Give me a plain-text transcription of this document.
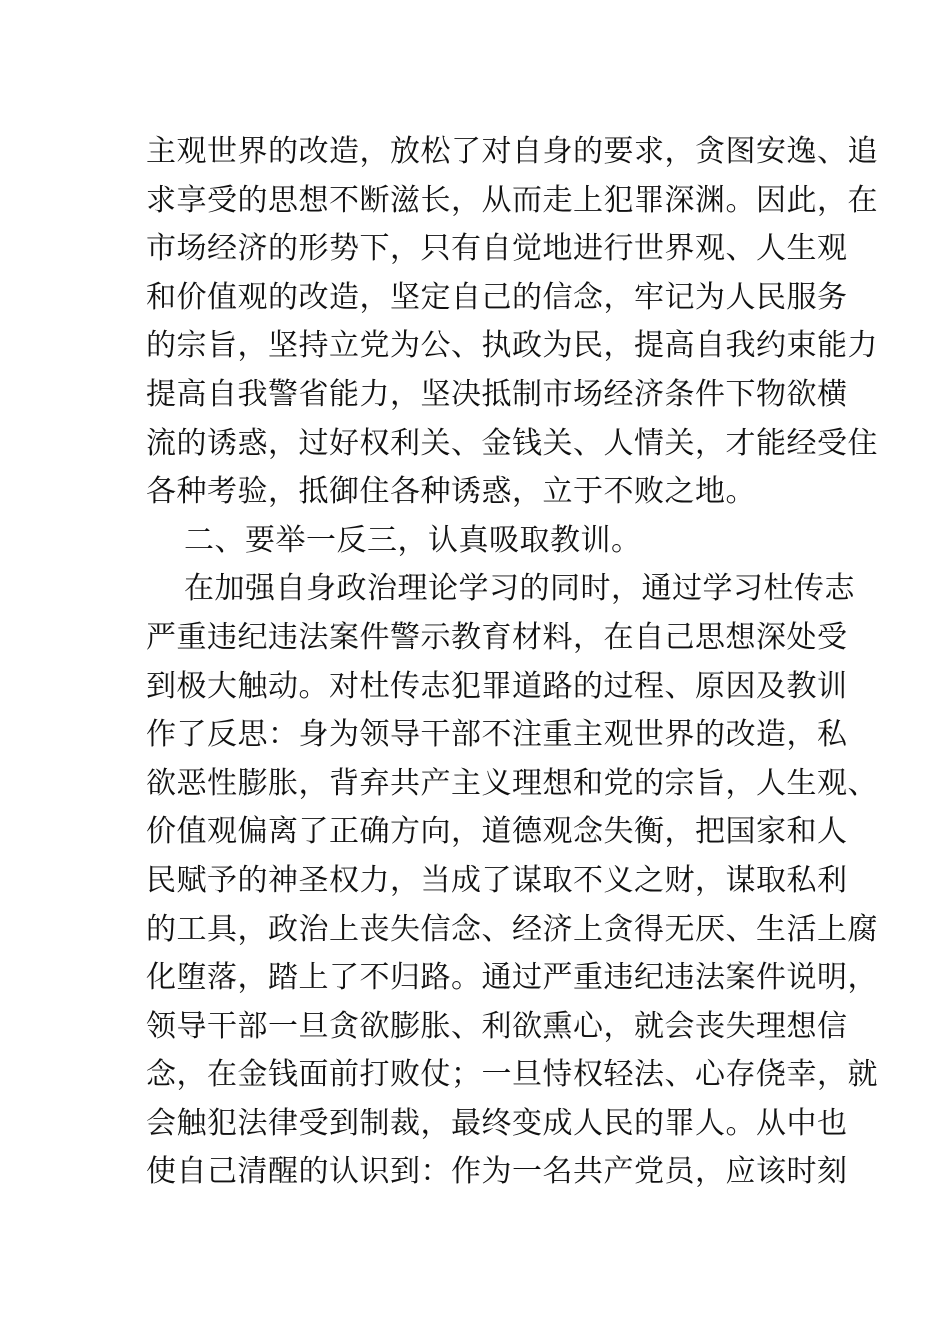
主观世界的改造，放松了对自身的要求，贪图安逸、追
求享受的思想不断滋长，从而走上犯罪深渊。因此，在
市场经济的形势下，只有自觉地进行世界观、人生观
和价值观的改造，坚定自己的信念，牢记为人民服务
的宗旨，坚持立党为公、执政为民，提高自我约束能力
提高自我警省能力，坚决抵制市场经济条件下物欲横
流的诱惑，过好权利关、金钱关、人情关，才能经受住
各种考验，抵御住各种诱惑，立于不败之地。
二、要举一反三，认真吸取教训。
在加强自身政治理论学习的同时，通过学习杜传志
严重违纪违法案件警示教育材料，在自己思想深处受
到极大触动。对杜传志犯罪道路的过程、原因及教训
作了反思：身为领导干部不注重主观世界的改造，私
欲恶性膨胀，背弃共产主义理想和党的宗旨，人生观、
价值观偏离了正确方向，道德观念失衡，把国家和人
民赋予的神圣权力，当成了谋取不义之财，谋取私利
的工具，政治上丧失信念、经济上贪得无厌、生活上腐
化堕落，踏上了不归路。通过严重违纪违法案件说明，
领导干部一旦贪欲膨胀、利欲熏心，就会丧失理想信
念，在金钱面前打败仗；一旦恃权轻法、心存侥幸，就
会触犯法律受到制裁，最终变成人民的罪人。从中也
使自己清醒的认识到：作为一名共产党员，应该时刻
